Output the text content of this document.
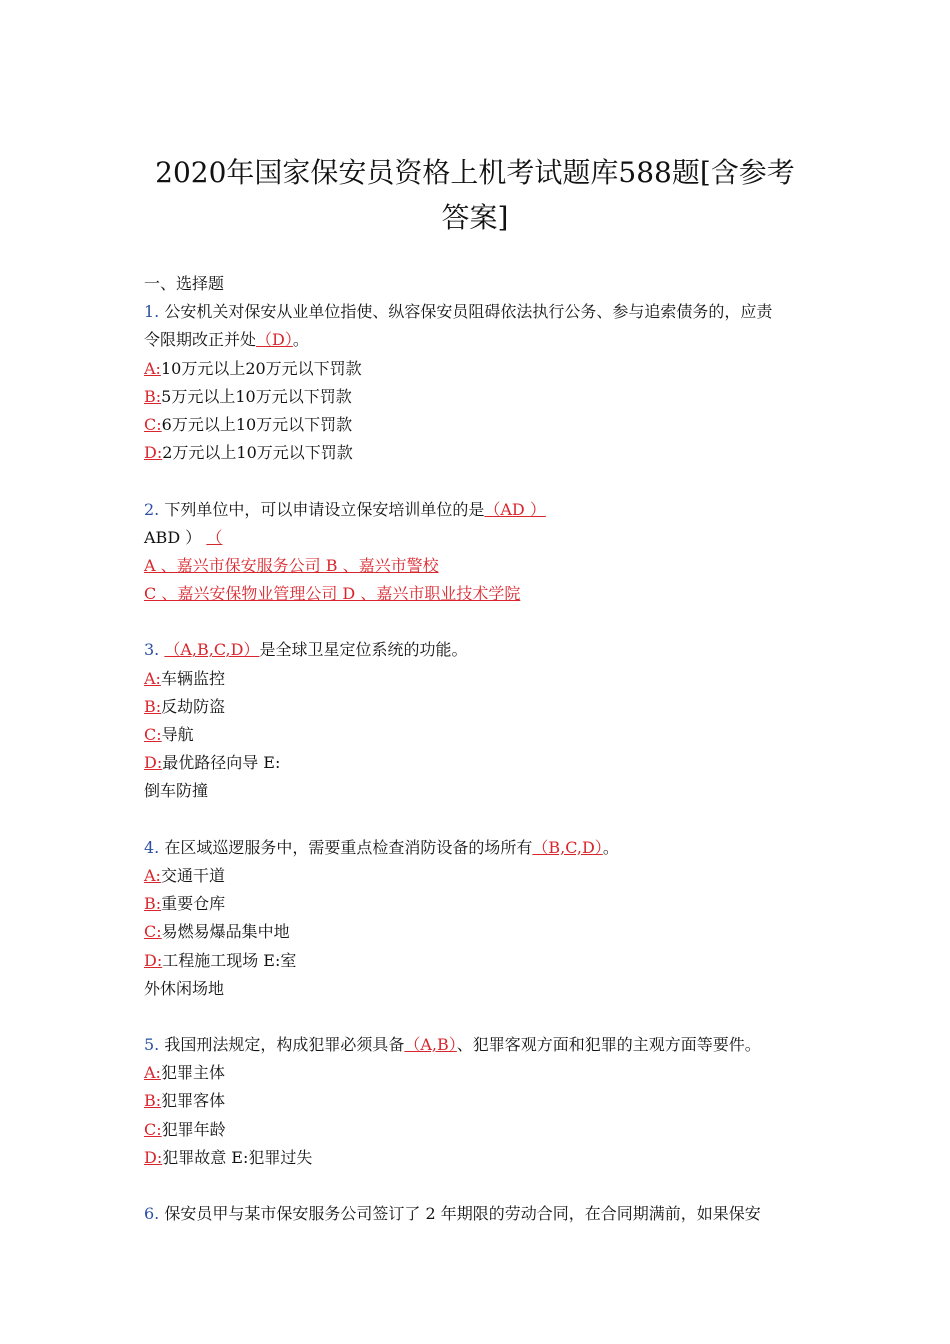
2020年国家保安员资格上机考试题库588题[含参考
答案]
一、选择题
1. 公安机关对保安从业单位指使、纵容保安员阻碍依法执行公务、参与追索债务的，应责
令限期改正并处（D）。
A:10万元以上20万元以下罚款
B:5万元以上10万元以下罚款
C:6万元以上10万元以下罚款
D:2万元以上10万元以下罚款
2. 下列单位中，可以申请设立保安培训单位的是（AD ）
ABD ） （
A 、嘉兴市保安服务公司 B 、嘉兴市警校
C 、嘉兴安保物业管理公司 D 、嘉兴市职业技术学院
3. （A,B,C,D）是全球卫星定位系统的功能。
A:车辆监控
B:反劫防盗
C:导航
D:最优路径向导 E:
倒车防撞
4. 在区域巡逻服务中，需要重点检查消防设备的场所有（B,C,D）。
A:交通干道
B:重要仓库
C:易燃易爆品集中地
D:工程施工现场 E:室
外休闲场地
5. 我国刑法规定，构成犯罪必须具备（A,B）、犯罪客观方面和犯罪的主观方面等要件。
A:犯罪主体
B:犯罪客体
C:犯罪年龄
D:犯罪故意 E:犯罪过失
6. 保安员甲与某市保安服务公司签订了 2 年期限的劳动合同，在合同期满前，如果保安
